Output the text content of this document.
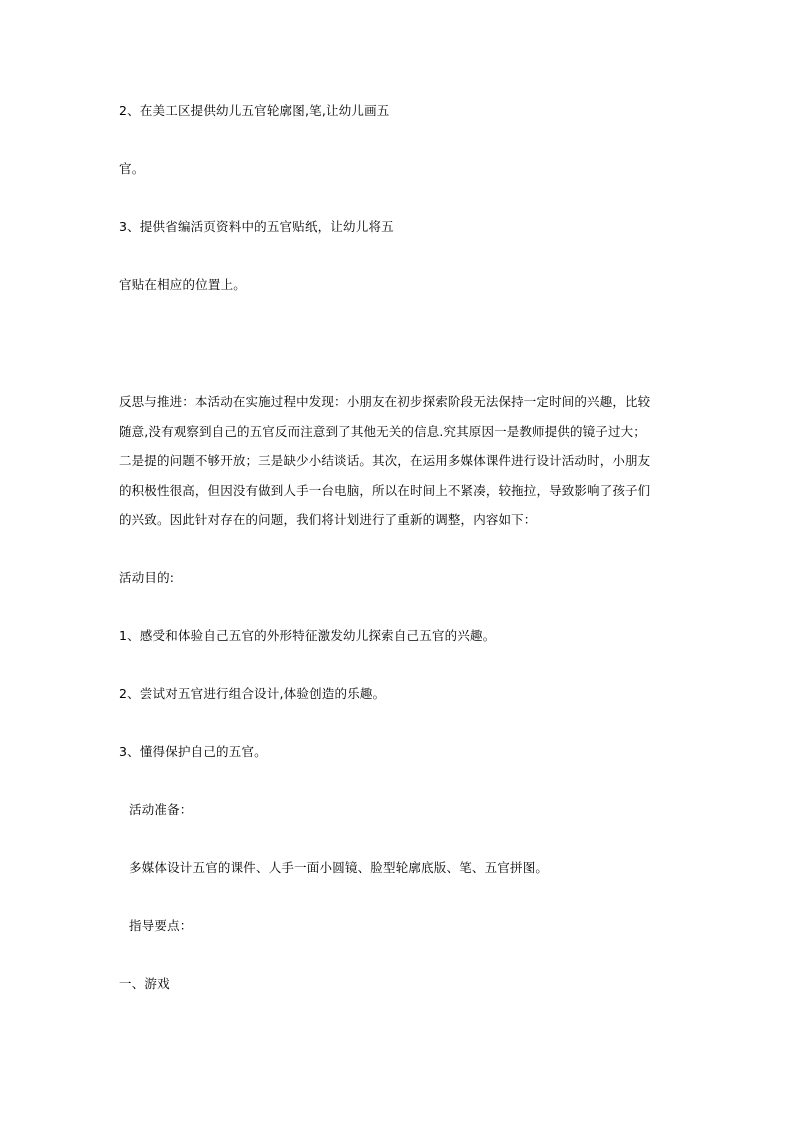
2、在美工区提供幼儿五官轮廓图,笔,让幼儿画五
官。
3、提供省编活页资料中的五官贴纸，让幼儿将五
官贴在相应的位置上。
反思与推进：本活动在实施过程中发现：小朋友在初步探索阶段无法保持一定时间的兴趣，比较
随意,没有观察到自己的五官反而注意到了其他无关的信息.究其原因一是教师提供的镜子过大；
二是提的问题不够开放；三是缺少小结谈话。其次，在运用多媒体课件进行设计活动时，小朋友
的积极性很高，但因没有做到人手一台电脑，所以在时间上不紧凑，较拖拉，导致影响了孩子们
的兴致。因此针对存在的问题，我们将计划进行了重新的调整，内容如下：
活动目的:
1、感受和体验自己五官的外形特征激发幼儿探索自己五官的兴趣。
2、尝试对五官进行组合设计,体验创造的乐趣。
3、懂得保护自己的五官。
活动准备：
多媒体设计五官的课件、人手一面小圆镜、脸型轮廓底版、笔、五官拼图。
指导要点：
一、游戏
